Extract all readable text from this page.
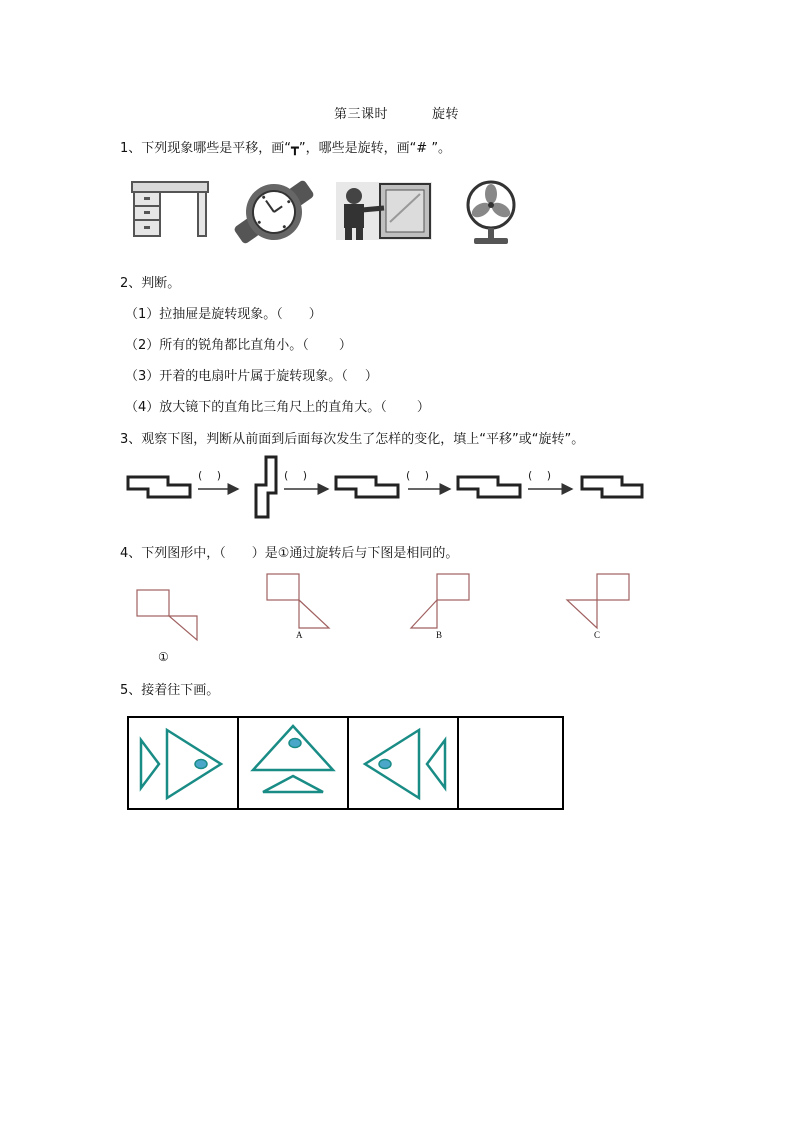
第三课时	旋转
1、下列现象哪些是平移，画“┳”，哪些是旋转，画“# ”。
2、判断。
（1）拉抽屉是旋转现象。（　　）
（2）所有的锐角都比直角小。（　　 ）
（3）开着的电扇叶片属于旋转现象。（　 ）
（4）放大镜下的直角比三角尺上的直角大。（　　 ）
3、观察下图，判断从前面到后面每次发生了怎样的变化，填上“平移”或“旋转”。
(　 )	(　 )	(　 )	(　 )
4、下列图形中，（　　）是①通过旋转后与下图是相同的。
①
A	B	C
5、接着往下画。
